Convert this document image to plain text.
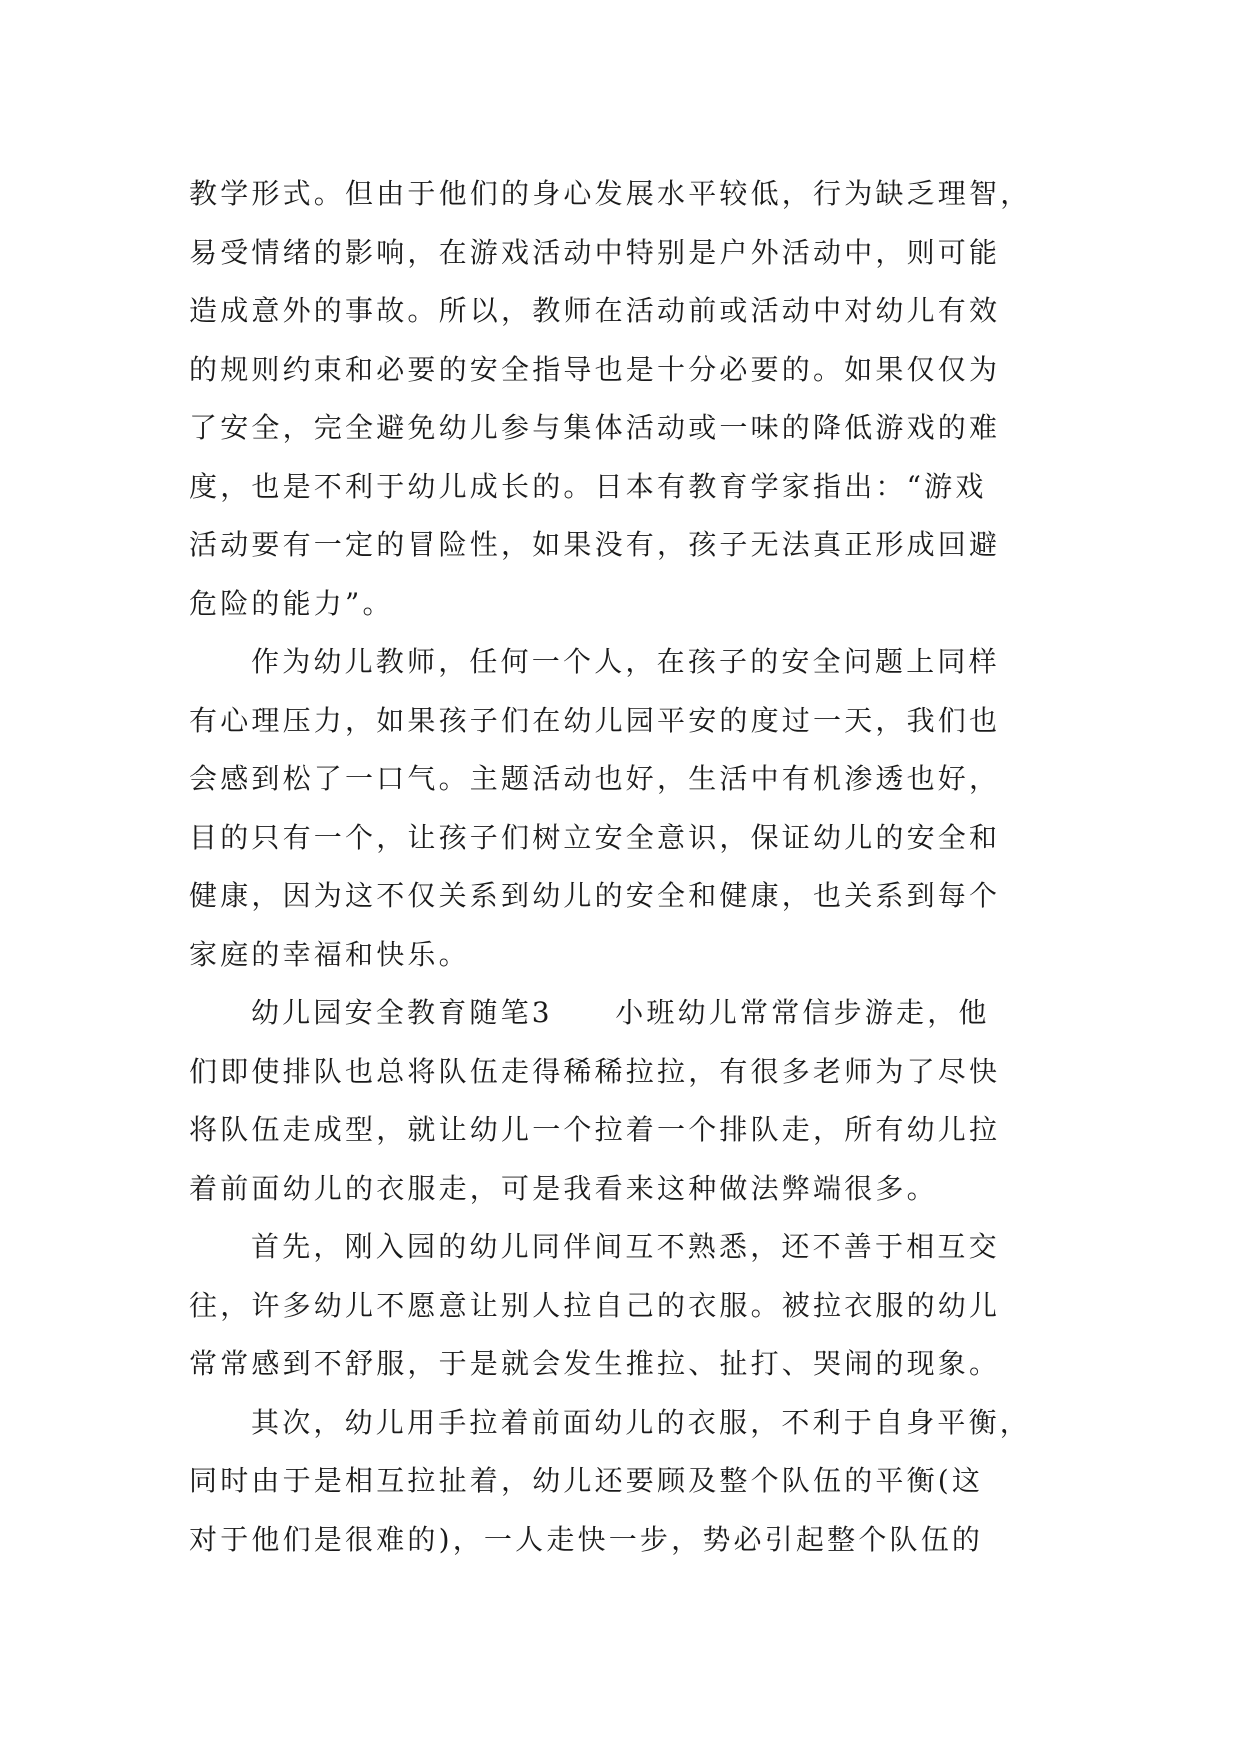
教学形式。但由于他们的身心发展水平较低，行为缺乏理智，
易受情绪的影响，在游戏活动中特别是户外活动中，则可能
造成意外的事故。所以，教师在活动前或活动中对幼儿有效
的规则约束和必要的安全指导也是十分必要的。如果仅仅为
了安全，完全避免幼儿参与集体活动或一味的降低游戏的难
度，也是不利于幼儿成长的。日本有教育学家指出：“游戏
活动要有一定的冒险性，如果没有，孩子无法真正形成回避
危险的能力”。
作为幼儿教师，任何一个人，在孩子的安全问题上同样
有心理压力，如果孩子们在幼儿园平安的度过一天，我们也
会感到松了一口气。主题活动也好，生活中有机渗透也好，
目的只有一个，让孩子们树立安全意识，保证幼儿的安全和
健康，因为这不仅关系到幼儿的安全和健康，也关系到每个
家庭的幸福和快乐。
幼儿园安全教育随笔3　　小班幼儿常常信步游走，他
们即使排队也总将队伍走得稀稀拉拉，有很多老师为了尽快
将队伍走成型，就让幼儿一个拉着一个排队走，所有幼儿拉
着前面幼儿的衣服走，可是我看来这种做法弊端很多。
首先，刚入园的幼儿同伴间互不熟悉，还不善于相互交
往，许多幼儿不愿意让别人拉自己的衣服。被拉衣服的幼儿
常常感到不舒服，于是就会发生推拉、扯打、哭闹的现象。
其次，幼儿用手拉着前面幼儿的衣服，不利于自身平衡，
同时由于是相互拉扯着，幼儿还要顾及整个队伍的平衡(这
对于他们是很难的)，一人走快一步，势必引起整个队伍的
